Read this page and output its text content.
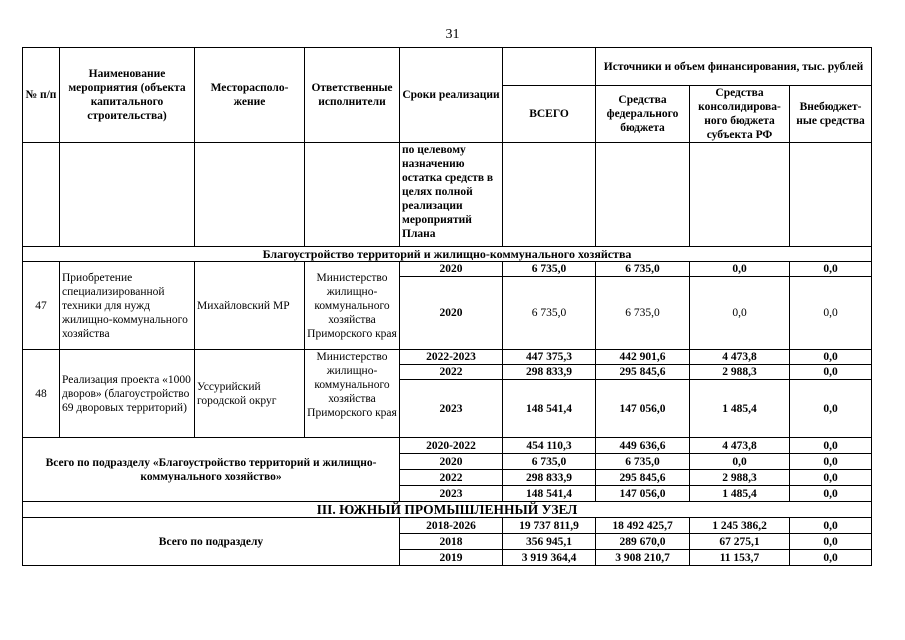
31
№ п/п	Наименование мероприятия (объекта капитального строительства)	Месторасполо-жение	Ответственные исполнители	Сроки реализации		Источники и объем финансирования, тыс. рублей		
					ВСЕГО	Средства федерального бюджета	Средства консолидирова-ного бюджета субъекта РФ	Внебюджет-ные средства
				по целевому назначению остатка средств в целях полной реализации мероприятий Плана				
Благоустройство территорий и жилищно-коммунального хозяйства								
47	Приобретение специализированной техники для нужд жилищно-коммунального хозяйства	Михайловский МР	Министерство жилищно-коммунального хозяйства Приморского края	2020	6 735,0	6 735,0	0,0	0,0
				2020	6 735,0	6 735,0	0,0	0,0
48	Реализация проекта «1000 дворов» (благоустройство 69 дворовых территорий)	Уссурийский городской округ	Министерство жилищно-коммунального хозяйства Приморского края	2022-2023	447 375,3	442 901,6	4 473,8	0,0
				2022	298 833,9	295 845,6	2 988,3	0,0
				2023	148 541,4	147 056,0	1 485,4	0,0
Всего по подразделу «Благоустройство территорий и жилищно-коммунального хозяйство»				2020-2022	454 110,3	449 636,6	4 473,8	0,0
				2020	6 735,0	6 735,0	0,0	0,0
				2022	298 833,9	295 845,6	2 988,3	0,0
				2023	148 541,4	147 056,0	1 485,4	0,0
III. ЮЖНЫЙ ПРОМЫШЛЕННЫЙ УЗЕЛ								
Всего по подразделу				2018-2026	19 737 811,9	18 492 425,7	1 245 386,2	0,0
				2018	356 945,1	289 670,0	67 275,1	0,0
				2019	3 919 364,4	3 908 210,7	11 153,7	0,0
